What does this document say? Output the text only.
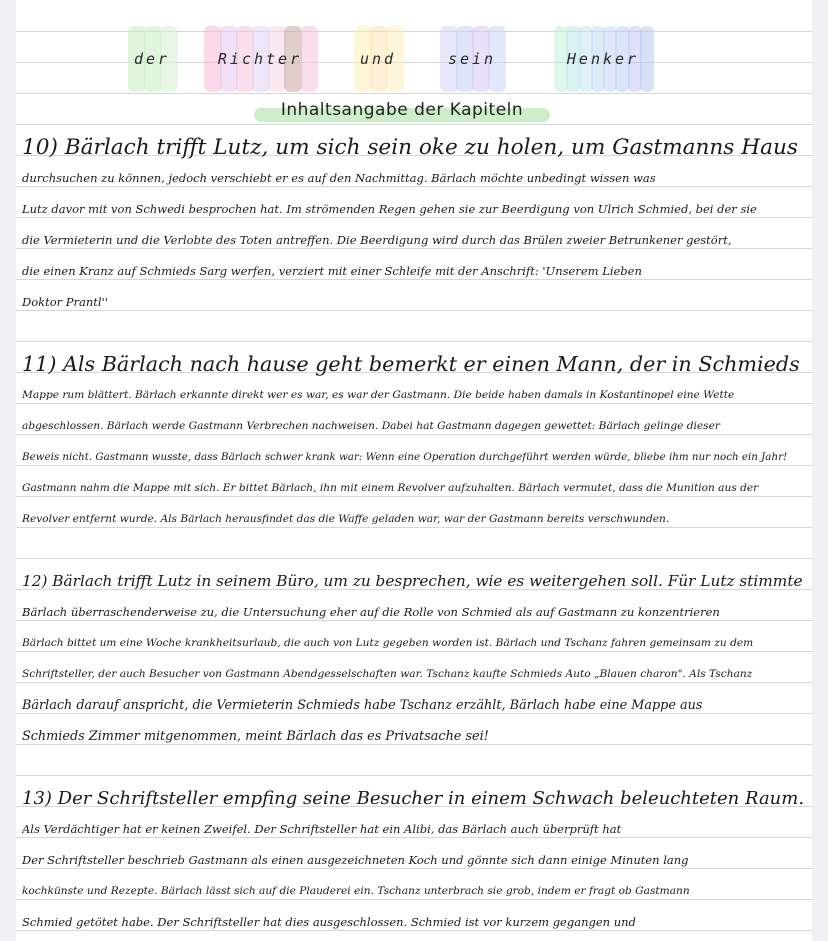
der	Richter	und	sein	Henker
Inhaltsangabe der Kapiteln
10) Bärlach trifft Lutz, um sich sein oke zu holen, um Gastmanns Haus
durchsuchen zu können, jedoch verschiebt er es auf den Nachmittag. Bärlach möchte unbedingt wissen was
Lutz davor mit von Schwedi besprochen hat. Im strömenden Regen gehen sie zur Beerdigung von Ulrich Schmied, bei der sie
die Vermieterin und die Verlobte des Toten antreffen. Die Beerdigung wird durch das Brülen zweier Betrunkener gestört,
die einen Kranz auf Schmieds Sarg werfen, verziert mit einer Schleife mit der Anschrift: 'Unserem Lieben
Doktor Prantl''
11) Als Bärlach nach hause geht bemerkt er einen Mann, der in Schmieds
Mappe rum blättert. Bärlach erkannte direkt wer es war, es war der Gastmann. Die beide haben damals in Kostantinopel eine Wette
abgeschlossen. Bärlach werde Gastmann Verbrechen nachweisen. Dabei hat Gastmann dagegen gewettet: Bärlach gelinge dieser
Beweis nicht. Gastmann wusste, dass Bärlach schwer krank war: Wenn eine Operation durchgeführt werden würde, bliebe ihm nur noch ein Jahr!
Gastmann nahm die Mappe mit sich. Er bittet Bärlach, ihn mit einem Revolver aufzuhalten. Bärlach vermutet, dass die Munition aus der
Revolver entfernt wurde. Als Bärlach herausfindet das die Waffe geladen war, war der Gastmann bereits verschwunden.
12) Bärlach trifft Lutz in seinem Büro, um zu besprechen, wie es weitergehen soll. Für Lutz stimmte
Bärlach überraschenderweise zu, die Untersuchung eher auf die Rolle von Schmied als auf Gastmann zu konzentrieren
Bärlach bittet um eine Woche krankheitsurlaub, die auch von Lutz gegeben worden ist. Bärlach und Tschanz fahren gemeinsam zu dem
Schriftsteller, der auch Besucher von Gastmann Abendgesselschaften war. Tschanz kaufte Schmieds Auto „Blauen charon". Als Tschanz
Bärlach darauf anspricht, die Vermieterin Schmieds habe Tschanz erzählt, Bärlach habe eine Mappe aus
Schmieds Zimmer mitgenommen, meint Bärlach das es Privatsache sei!
13) Der Schriftsteller empfing seine Besucher in einem Schwach beleuchteten Raum.
Als Verdächtiger hat er keinen Zweifel. Der Schriftsteller hat ein Alibi, das Bärlach auch überprüft hat
Der Schriftsteller beschrieb Gastmann als einen ausgezeichneten Koch und gönnte sich dann einige Minuten lang
kochkünste und Rezepte. Bärlach lässt sich auf die Plauderei ein. Tschanz unterbrach sie grob, indem er fragt ob Gastmann
Schmied getötet habe. Der Schriftsteller hat dies ausgeschlossen. Schmied ist vor kurzem gegangen und
